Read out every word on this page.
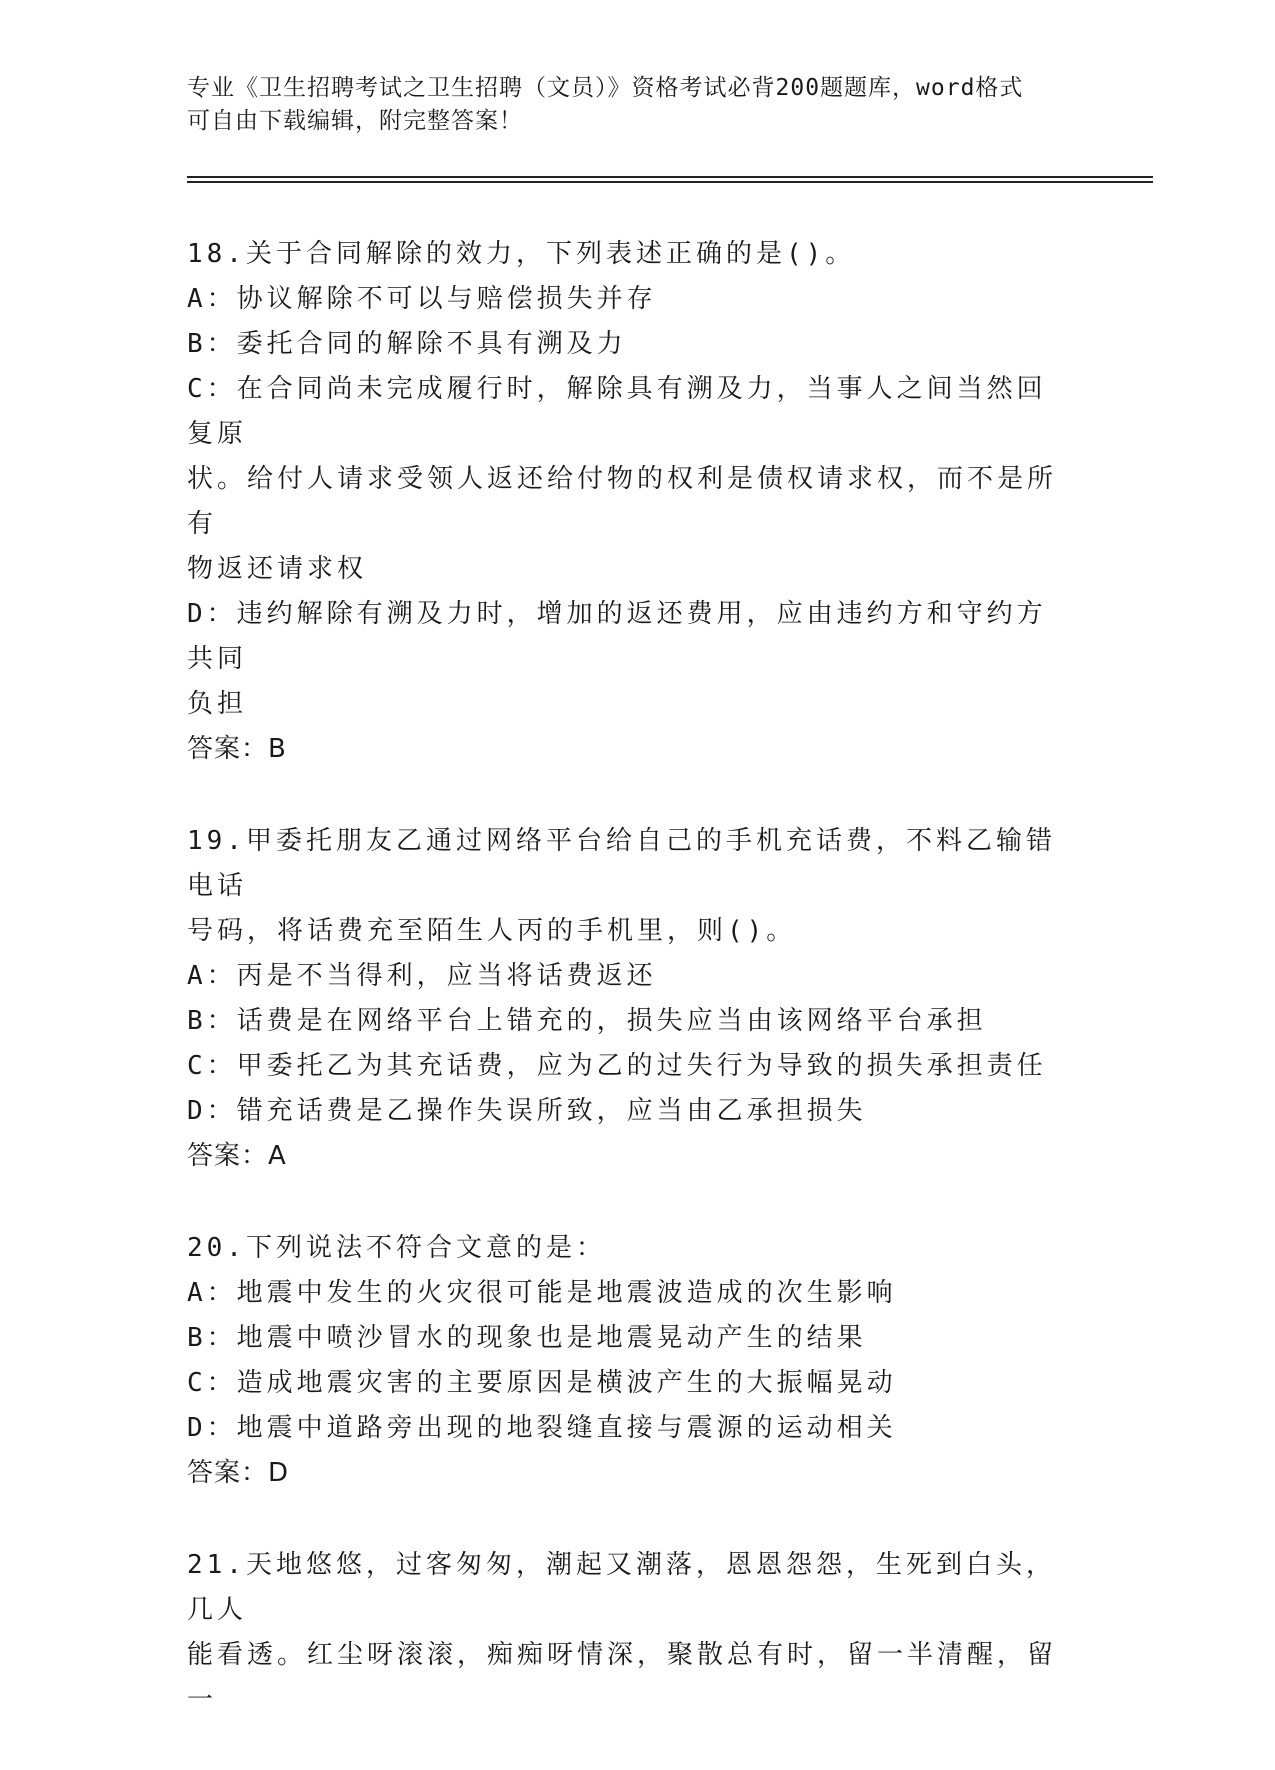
专业《卫生招聘考试之卫生招聘（文员）》资格考试必背200题题库，word格式
可自由下载编辑，附完整答案！
18.关于合同解除的效力，下列表述正确的是()。
A：协议解除不可以与赔偿损失并存
B：委托合同的解除不具有溯及力
C：在合同尚未完成履行时，解除具有溯及力，当事人之间当然回复原
状。给付人请求受领人返还给付物的权利是债权请求权，而不是所有
物返还请求权
D：违约解除有溯及力时，增加的返还费用，应由违约方和守约方共同
负担
答案：B
19.甲委托朋友乙通过网络平台给自己的手机充话费，不料乙输错电话
号码，将话费充至陌生人丙的手机里，则()。
A：丙是不当得利，应当将话费返还
B：话费是在网络平台上错充的，损失应当由该网络平台承担
C：甲委托乙为其充话费，应为乙的过失行为导致的损失承担责任
D：错充话费是乙操作失误所致，应当由乙承担损失
答案：A
20.下列说法不符合文意的是：
A：地震中发生的火灾很可能是地震波造成的次生影响
B：地震中喷沙冒水的现象也是地震晃动产生的结果
C：造成地震灾害的主要原因是横波产生的大振幅晃动
D：地震中道路旁出现的地裂缝直接与震源的运动相关
答案：D
21.天地悠悠，过客匆匆，潮起又潮落，恩恩怨怨，生死到白头，几人
能看透。红尘呀滚滚，痴痴呀情深，聚散总有时，留一半清醒，留一
